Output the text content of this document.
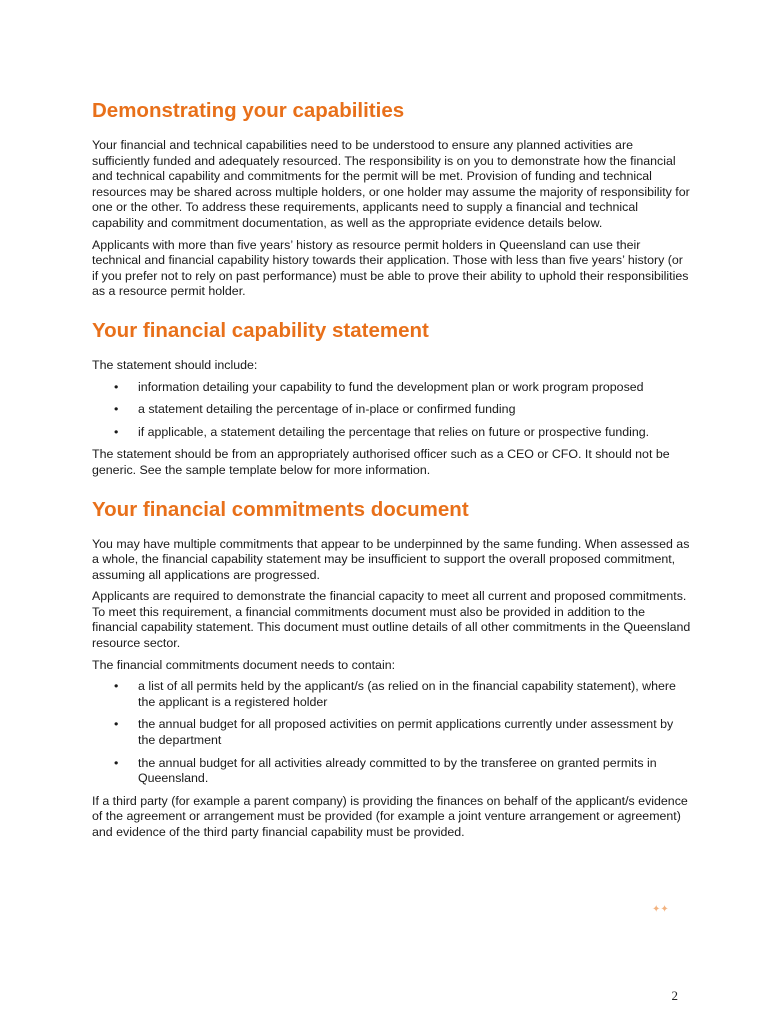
Demonstrating your capabilities

Your financial and technical capabilities need to be understood to ensure any planned activities are sufficiently funded and adequately resourced. The responsibility is on you to demonstrate how the financial and technical capability and commitments for the permit will be met. Provision of funding and technical resources may be shared across multiple holders, or one holder may assume the majority of responsibility for one or the other. To address these requirements, applicants need to supply a financial and technical capability and commitment documentation, as well as the appropriate evidence details below.

Applicants with more than five years’ history as resource permit holders in Queensland can use their technical and financial capability history towards their application. Those with less than five years’ history (or if you prefer not to rely on past performance) must be able to prove their ability to uphold their responsibilities as a resource permit holder.

Your financial capability statement

The statement should include:

• information detailing your capability to fund the development plan or work program proposed
• a statement detailing the percentage of in-place or confirmed funding
• if applicable, a statement detailing the percentage that relies on future or prospective funding.

The statement should be from an appropriately authorised officer such as a CEO or CFO. It should not be generic. See the sample template below for more information.

Your financial commitments document

You may have multiple commitments that appear to be underpinned by the same funding. When assessed as a whole, the financial capability statement may be insufficient to support the overall proposed commitment, assuming all applications are progressed.

Applicants are required to demonstrate the financial capacity to meet all current and proposed commitments. To meet this requirement, a financial commitments document must also be provided in addition to the financial capability statement. This document must outline details of all other commitments in the Queensland resource sector.

The financial commitments document needs to contain:

• a list of all permits held by the applicant/s (as relied on in the financial capability statement), where the applicant is a registered holder
• the annual budget for all proposed activities on permit applications currently under assessment by the department
• the annual budget for all activities already committed to by the transferee on granted permits in Queensland.

If a third party (for example a parent company) is providing the finances on behalf of the applicant/s evidence of the agreement or arrangement must be provided (for example a joint venture arrangement or agreement) and evidence of the third party financial capability must be provided.

✦✦
2
